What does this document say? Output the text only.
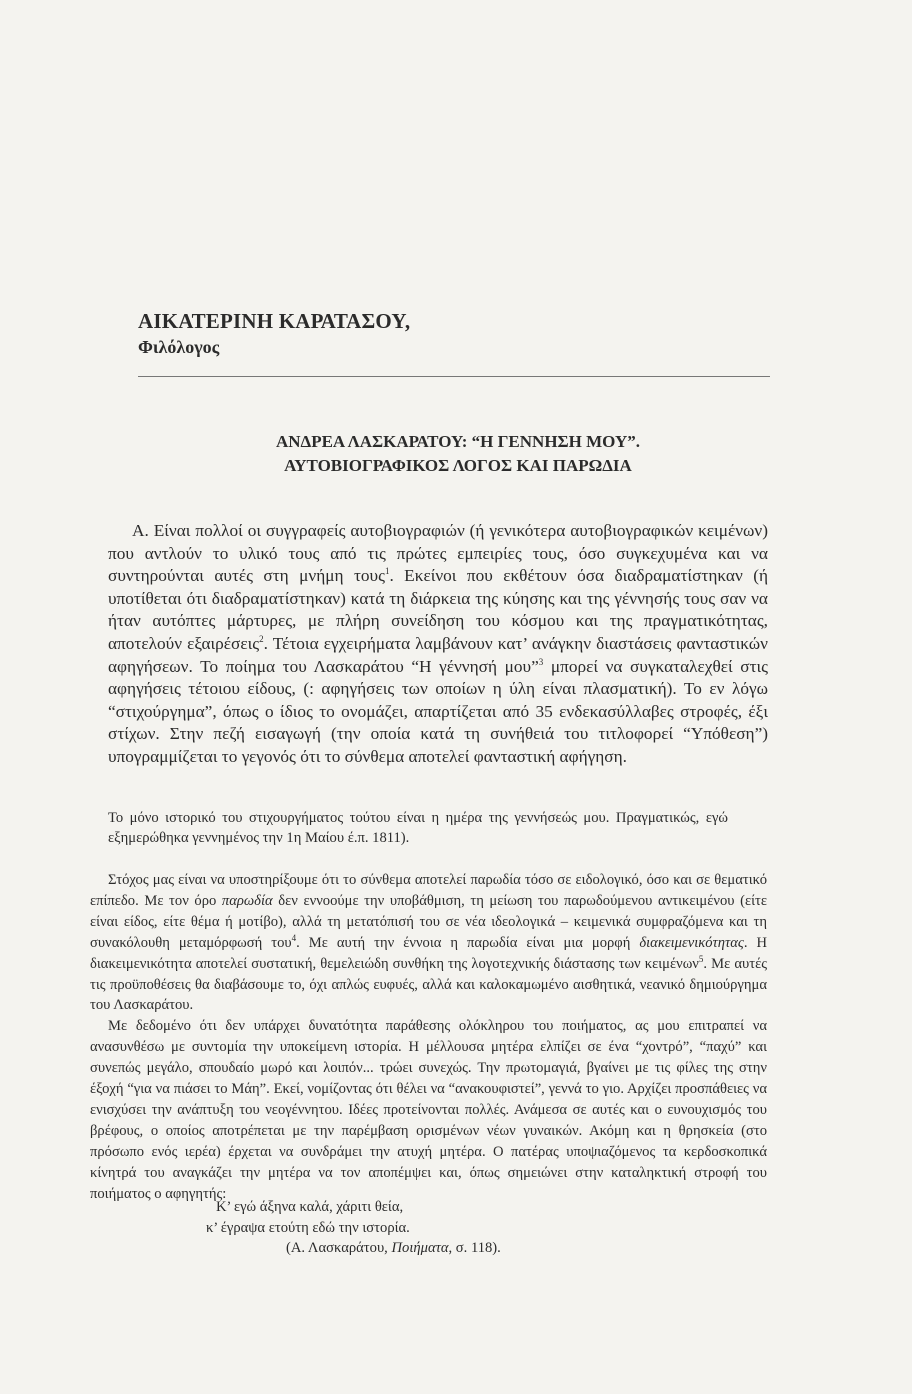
ΑΙΚΑΤΕΡΙΝΗ ΚΑΡΑΤΑΣΟΥ,
Φιλόλογος
ΑΝΔΡΕΑ ΛΑΣΚΑΡΑΤΟΥ: “Η ΓΕΝΝΗΣΗ ΜΟΥ”.
ΑΥΤΟΒΙΟΓΡΑΦΙΚΟΣ ΛΟΓΟΣ ΚΑΙ ΠΑΡΩΔΙΑ

Α. Είναι πολλοί οι συγγραφείς αυτοβιογραφιών (ή γενικότερα αυτοβιογραφικών κειμένων) που αντλούν το υλικό τους από τις πρώτες εμπειρίες τους, όσο συγκεχυμένα και να συντηρούνται αυτές στη μνήμη τους$^1$. Εκείνοι που εκθέτουν όσα διαδραματίστηκαν (ή υποτίθεται ότι διαδραματίστηκαν) κατά τη διάρκεια της κύησης και της γέννησής τους σαν να ήταν αυτόπτες μάρτυρες, με πλήρη συνείδηση του κόσμου και της πραγματικότητας, αποτελούν εξαιρέσεις$^2$. Τέτοια εγχειρήματα λαμβάνουν κατ’ ανάγκην διαστάσεις φανταστικών αφηγήσεων. Το ποίημα του Λασκαράτου “Η γέννησή μου”$^3$ μπορεί να συγκαταλεχθεί στις αφηγήσεις τέτοιου είδους, (: αφηγήσεις των οποίων η ύλη είναι πλασματική). Το εν λόγω “στιχούργημα”, όπως ο ίδιος το ονομάζει, απαρτίζεται από 35 ενδεκασύλλαβες στροφές, έξι στίχων. Στην πεζή εισαγωγή (την οποία κατά τη συνήθειά του τιτλοφορεί “Υπόθεση”) υπογραμμίζεται το γεγονός ότι το σύνθεμα αποτελεί φανταστική αφήγηση.

Το μόνο ιστορικό του στιχουργήματος τούτου είναι η ημέρα της γεννήσεώς μου. Πραγματικώς, εγώ εξημερώθηκα γεννημένος την 1η Μαίου έ.π. 1811).

Στόχος μας είναι να υποστηρίξουμε ότι το σύνθεμα αποτελεί παρωδία τόσο σε ειδολογικό, όσο και σε θεματικό επίπεδο. Με τον όρο παρωδία δεν εννοούμε την υποβάθμιση, τη μείωση του παρωδούμενου αντικειμένου (είτε είναι είδος, είτε θέμα ή μοτίβο), αλλά τη μετατόπισή του σε νέα ιδεολογικά – κειμενικά συμφραζόμενα και τη συνακόλουθη μεταμόρφωσή του$^4$. Με αυτή την έννοια η παρωδία είναι μια μορφή διακειμενικότητας. Η διακειμενικότητα αποτελεί συστατική, θεμελειώδη συνθήκη της λογοτεχνικής διάστασης των κειμένων$^5$. Με αυτές τις προϋποθέσεις θα διαβάσουμε το, όχι απλώς ευφυές, αλλά και καλοκαμωμένο αισθητικά, νεανικό δημιούργημα του Λασκαράτου.

Με δεδομένο ότι δεν υπάρχει δυνατότητα παράθεσης ολόκληρου του ποιήματος, ας μου επιτραπεί να ανασυνθέσω με συντομία την υποκείμενη ιστορία. Η μέλλουσα μητέρα ελπίζει σε ένα “χοντρό”, “παχύ” και συνεπώς μεγάλο, σπουδαίο μωρό και λοιπόν... τρώει συνεχώς. Την πρωτομαγιά, βγαίνει με τις φίλες της στην έξοχή “για να πιάσει το Μάη”. Εκεί, νομίζοντας ότι θέλει να “ανακουφιστεί”, γεννά το γιο. Αρχίζει προσπάθειες να ενισχύσει την ανάπτυξη του νεογέννητου. Ιδέες προτείνονται πολλές. Ανάμεσα σε αυτές και ο ευνουχισμός του βρέφους, ο οποίος αποτρέπεται με την παρέμβαση ορισμένων νέων γυναικών. Ακόμη και η θρησκεία (στο πρόσωπο ενός ιερέα) έρχεται να συνδράμει την ατυχή μητέρα. Ο πατέρας υποψιαζόμενος τα κερδοσκοπικά κίνητρά του αναγκάζει την μητέρα να τον αποπέμψει και, όπως σημειώνει στην καταληκτική στροφή του ποιήματος ο αφηγητής:

Κ’ εγώ άξηνα καλά, χάριτι θεία,
κ’ έγραψα ετούτη εδώ την ιστορία.
(Α. Λασκαράτου, Ποιήματα, σ. 118).
